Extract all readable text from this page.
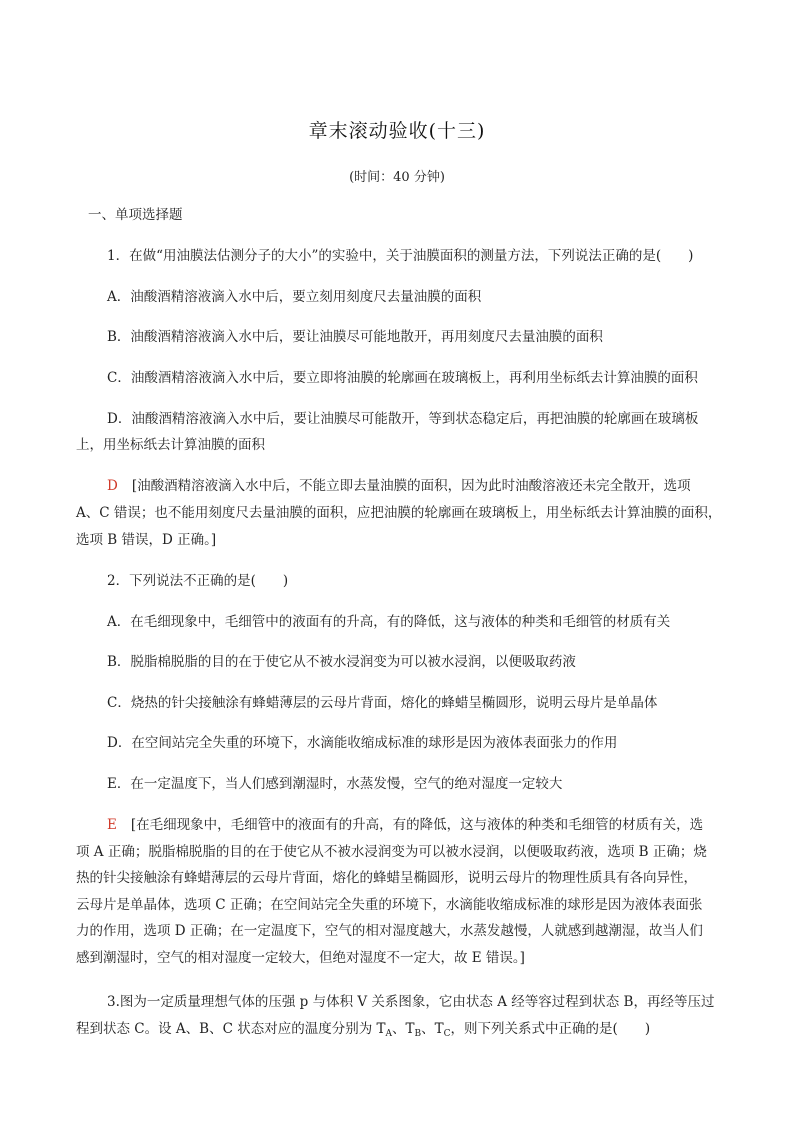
章末滚动验收(十三)
(时间：40 分钟)
一、单项选择题
1．在做“用油膜法估测分子的大小”的实验中，关于油膜面积的测量方法，下列说法正确的是(　　)
A．油酸酒精溶液滴入水中后，要立刻用刻度尺去量油膜的面积
B．油酸酒精溶液滴入水中后，要让油膜尽可能地散开，再用刻度尺去量油膜的面积
C．油酸酒精溶液滴入水中后，要立即将油膜的轮廓画在玻璃板上，再利用坐标纸去计算油膜的面积
D．油酸酒精溶液滴入水中后，要让油膜尽可能散开，等到状态稳定后，再把油膜的轮廓画在玻璃板
上，用坐标纸去计算油膜的面积
D [油酸酒精溶液滴入水中后，不能立即去量油膜的面积，因为此时油酸溶液还未完全散开，选项
A、C 错误；也不能用刻度尺去量油膜的面积，应把油膜的轮廓画在玻璃板上，用坐标纸去计算油膜的面积，
选项 B 错误，D 正确。]
2．下列说法不正确的是(　　)
A．在毛细现象中，毛细管中的液面有的升高，有的降低，这与液体的种类和毛细管的材质有关
B．脱脂棉脱脂的目的在于使它从不被水浸润变为可以被水浸润，以便吸取药液
C．烧热的针尖接触涂有蜂蜡薄层的云母片背面，熔化的蜂蜡呈椭圆形，说明云母片是单晶体
D．在空间站完全失重的环境下，水滴能收缩成标准的球形是因为液体表面张力的作用
E．在一定温度下，当人们感到潮湿时，水蒸发慢，空气的绝对湿度一定较大
E [在毛细现象中，毛细管中的液面有的升高，有的降低，这与液体的种类和毛细管的材质有关，选
项 A 正确；脱脂棉脱脂的目的在于使它从不被水浸润变为可以被水浸润，以便吸取药液，选项 B 正确；烧
热的针尖接触涂有蜂蜡薄层的云母片背面，熔化的蜂蜡呈椭圆形，说明云母片的物理性质具有各向异性，
云母片是单晶体，选项 C 正确；在空间站完全失重的环境下，水滴能收缩成标准的球形是因为液体表面张
力的作用，选项 D 正确；在一定温度下，空气的相对湿度越大，水蒸发越慢，人就感到越潮湿，故当人们
感到潮湿时，空气的相对湿度一定较大，但绝对湿度不一定大，故 E 错误。]
3.图为一定质量理想气体的压强 p 与体积 V 关系图象，它由状态 A 经等容过程到状态 B，再经等压过
程到状态 C。设 A、B、C 状态对应的温度分别为 $T_A$、$T_B$、$T_C$，则下列关系式中正确的是(　　)
